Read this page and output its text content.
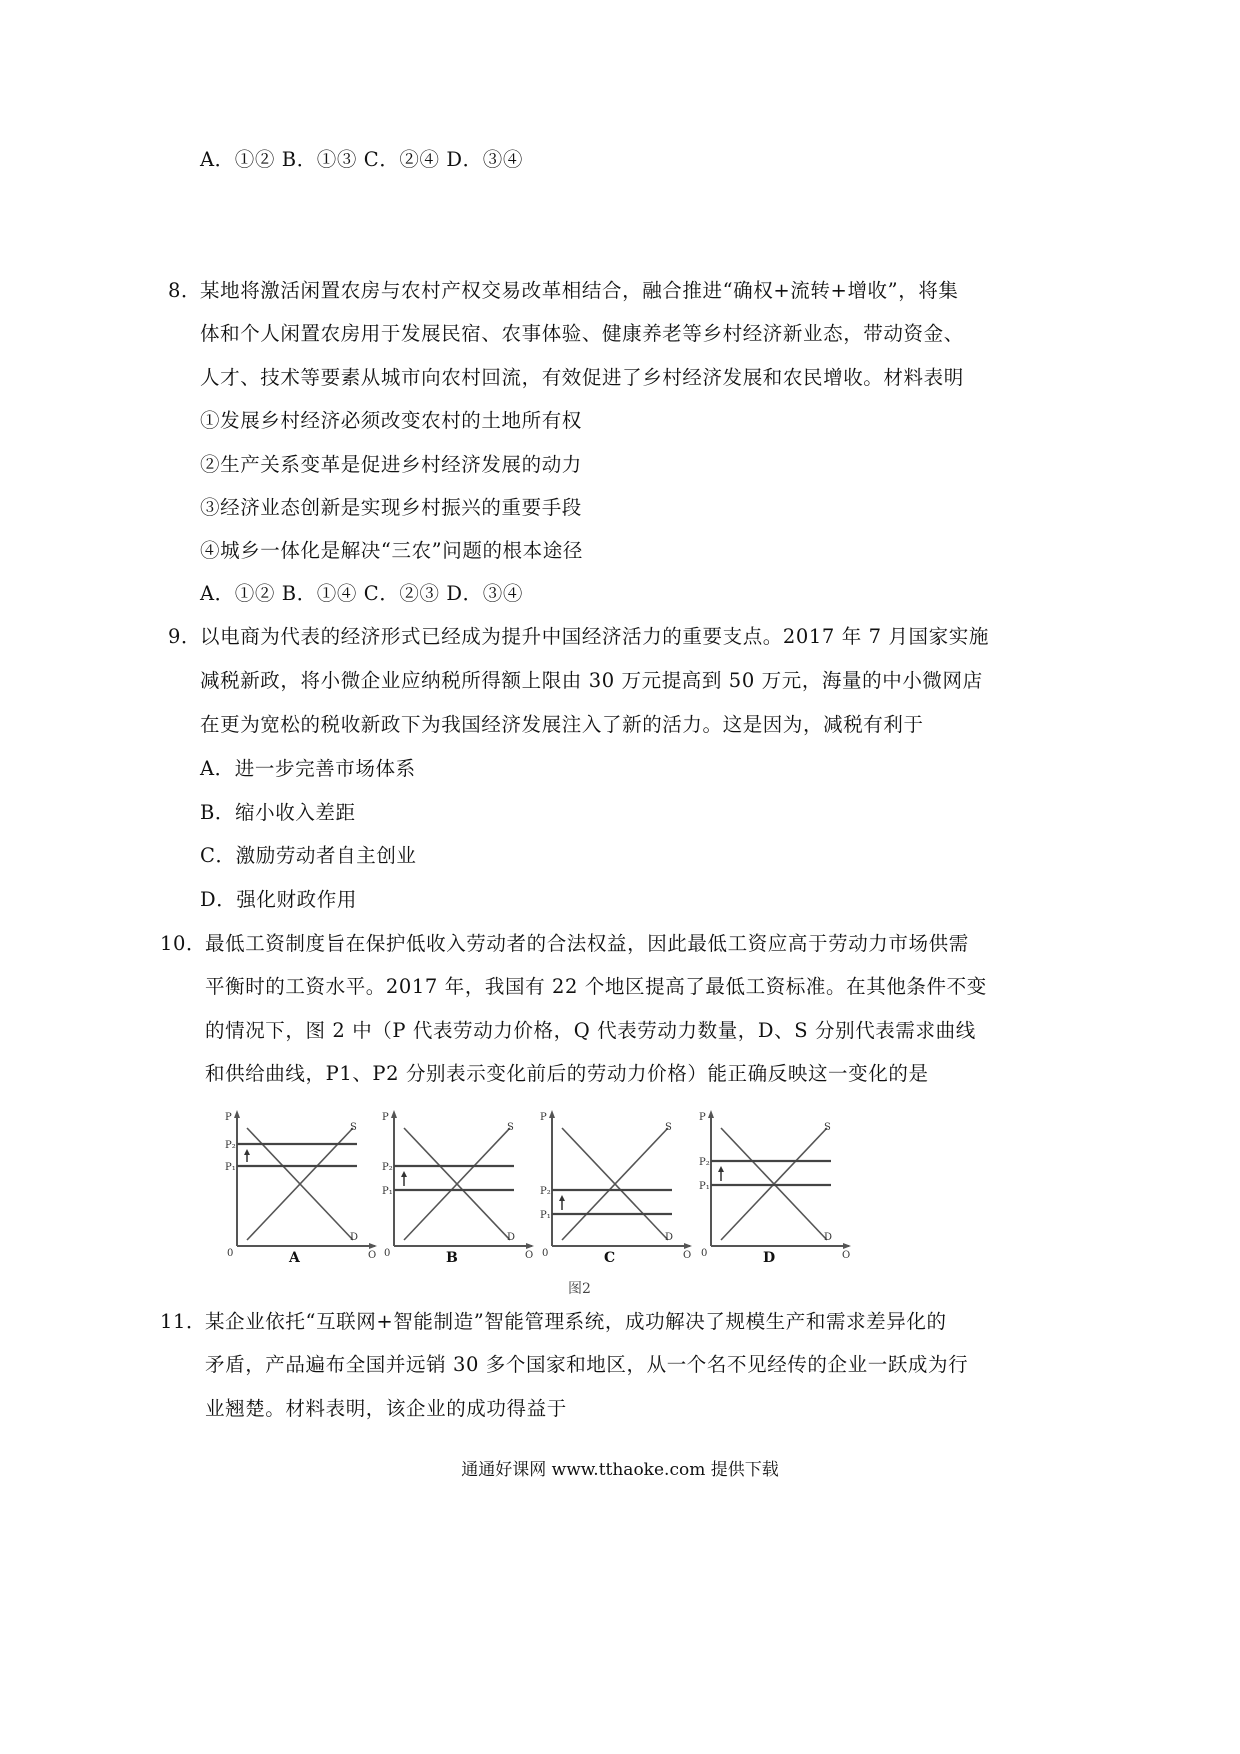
A．①② B．①③ C．②④ D．③④
8．
某地将激活闲置农房与农村产权交易改革相结合，融合推进“确权+流转+增收”，将集
体和个人闲置农房用于发展民宿、农事体验、健康养老等乡村经济新业态，带动资金、
人才、技术等要素从城市向农村回流，有效促进了乡村经济发展和农民增收。材料表明
①发展乡村经济必须改变农村的土地所有权
②生产关系变革是促进乡村经济发展的动力
③经济业态创新是实现乡村振兴的重要手段
④城乡一体化是解决“三农”问题的根本途径
A．①② B．①④ C．②③ D．③④
9．
以电商为代表的经济形式已经成为提升中国经济活力的重要支点。2017 年 7 月国家实施
减税新政，将小微企业应纳税所得额上限由 30 万元提高到 50 万元，海量的中小微网店
在更为宽松的税收新政下为我国经济发展注入了新的活力。这是因为，减税有利于
A．进一步完善市场体系
B．缩小收入差距
C．激励劳动者自主创业
D．强化财政作用
10．
最低工资制度旨在保护低收入劳动者的合法权益，因此最低工资应高于劳动力市场供需
平衡时的工资水平。2017 年，我国有 22 个地区提高了最低工资标准。在其他条件不变
的情况下，图 2 中（P 代表劳动力价格，Q 代表劳动力数量，D、S 分别代表需求曲线
和供给曲线，P1、P2 分别表示变化前后的劳动力价格）能正确反映这一变化的是
图2
P
P₂
P₁
S
D
0	Q
A
P
P₂
P₁
S
D
0	Q
B
P
P₂
P₁
S
D
0	Q
C
P
P₂
P₁
S
D
0	Q
D
11．
某企业依托“互联网+智能制造”智能管理系统，成功解决了规模生产和需求差异化的
矛盾，产品遍布全国并远销 30 多个国家和地区，从一个名不见经传的企业一跃成为行
业翘楚。材料表明，该企业的成功得益于
通通好课网 www.tthaoke.com 提供下载
